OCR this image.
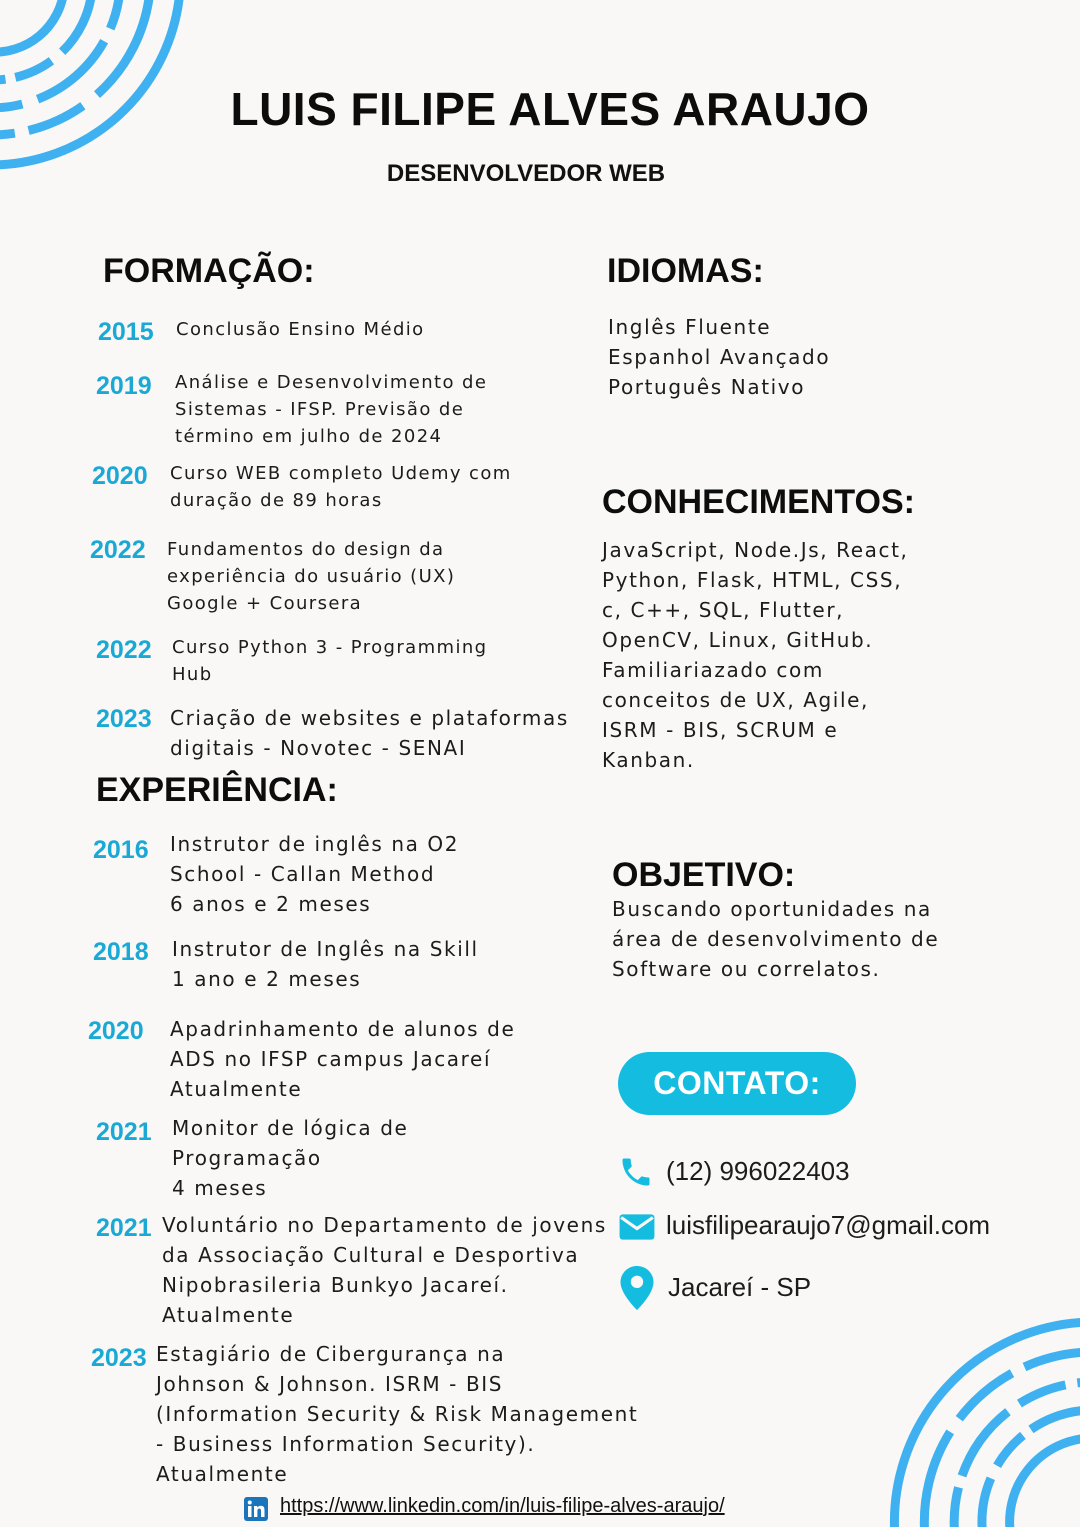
LUIS FILIPE ALVES ARAUJO
DESENVOLVEDOR WEB
FORMAÇÃO:
2015 Conclusão Ensino Médio
2019 Análise e Desenvolvimento de
Sistemas - IFSP. Previsão de
término em julho de 2024
2020 Curso WEB completo Udemy com
duração de 89 horas
2022 Fundamentos do design da
experiência do usuário (UX)
Google + Coursera
2022 Curso Python 3 - Programming
Hub
2023 Criação de websites e plataformas
digitais - Novotec - SENAI
EXPERIÊNCIA:
2016 Instrutor de inglês na O2
School - Callan Method
6 anos e 2 meses
2018 Instrutor de Inglês na Skill
1 ano e 2 meses
2020 Apadrinhamento de alunos de
ADS no IFSP campus Jacareí
Atualmente
2021 Monitor de lógica de
Programação
4 meses
2021 Voluntário no Departamento de jovens
da Associação Cultural e Desportiva
Nipobrasileria Bunkyo Jacareí.
Atualmente
2023 Estagiário de Cibergurança na
Johnson & Johnson. ISRM - BIS
(Information Security & Risk Management
- Business Information Security).
Atualmente
IDIOMAS:
Inglês Fluente
Espanhol Avançado
Português Nativo
CONHECIMENTOS:
JavaScript, Node.Js, React,
Python, Flask, HTML, CSS,
c, C++, SQL, Flutter,
OpenCV, Linux, GitHub.
Familiariazado com
conceitos de UX, Agile,
ISRM - BIS, SCRUM e
Kanban.
OBJETIVO:
Buscando oportunidades na
área de desenvolvimento de
Software ou correlatos.
CONTATO:
(12) 996022403
luisfilipearaujo7@gmail.com
Jacareí - SP
https://www.linkedin.com/in/luis-filipe-alves-araujo/
